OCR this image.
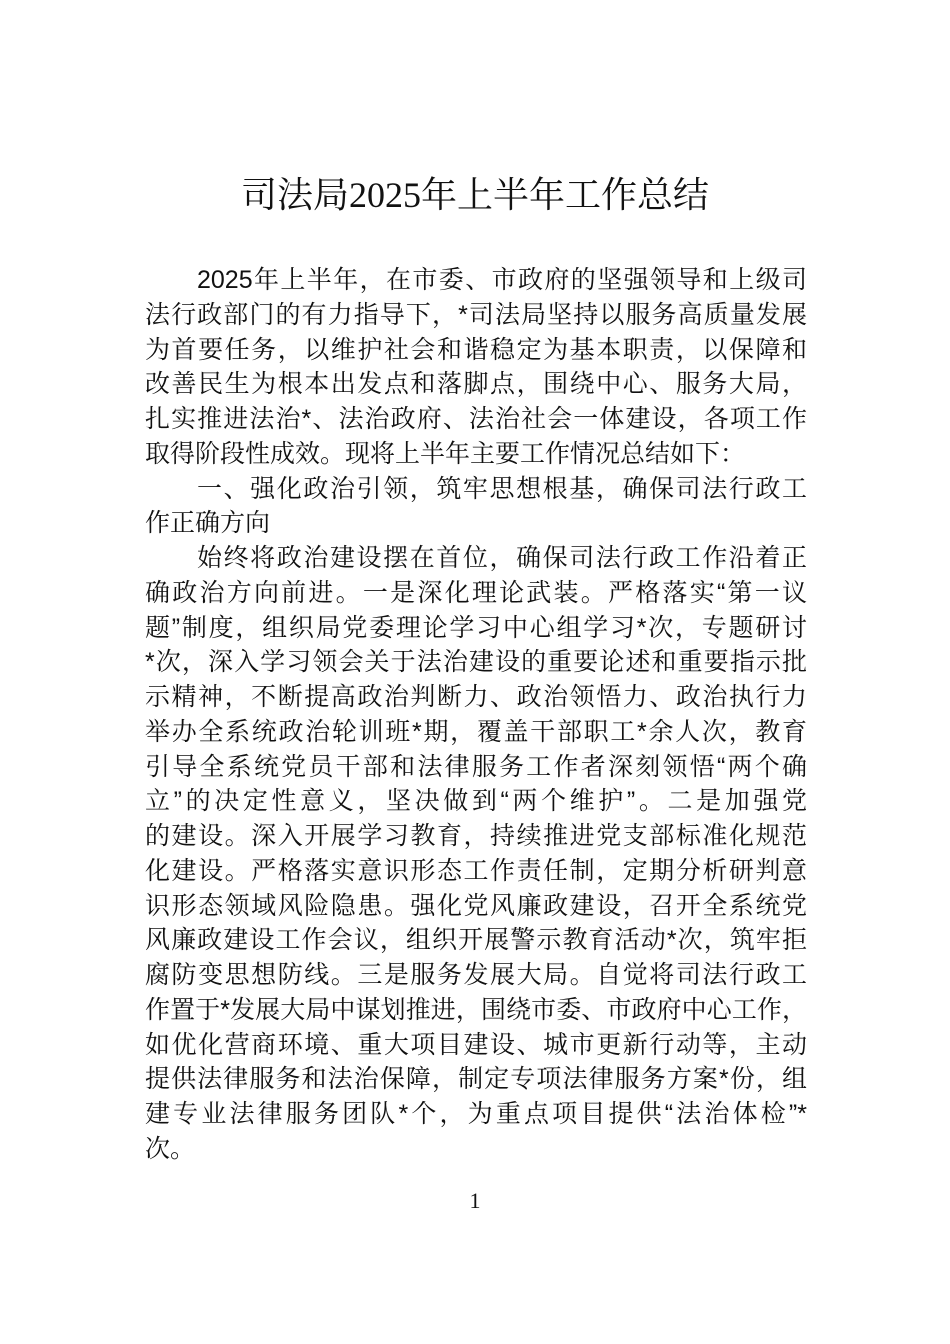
司法局2025年上半年工作总结
2025年上半年，在市委、市政府的坚强领导和上级司
法行政部门的有力指导下，*司法局坚持以服务高质量发展
为首要任务，以维护社会和谐稳定为基本职责，以保障和
改善民生为根本出发点和落脚点，围绕中心、服务大局，
扎实推进法治*、法治政府、法治社会一体建设，各项工作
取得阶段性成效。现将上半年主要工作情况总结如下：
一、强化政治引领，筑牢思想根基，确保司法行政工
作正确方向
始终将政治建设摆在首位，确保司法行政工作沿着正
确政治方向前进。一是深化理论武装。严格落实“第一议
题”制度，组织局党委理论学习中心组学习*次，专题研讨
*次，深入学习领会关于法治建设的重要论述和重要指示批
示精神，不断提高政治判断力、政治领悟力、政治执行力
举办全系统政治轮训班*期，覆盖干部职工*余人次，教育
引导全系统党员干部和法律服务工作者深刻领悟“两个确
立”的决定性意义，坚决做到“两个维护”。二是加强党
的建设。深入开展学习教育，持续推进党支部标准化规范
化建设。严格落实意识形态工作责任制，定期分析研判意
识形态领域风险隐患。强化党风廉政建设，召开全系统党
风廉政建设工作会议，组织开展警示教育活动*次，筑牢拒
腐防变思想防线。三是服务发展大局。自觉将司法行政工
作置于*发展大局中谋划推进，围绕市委、市政府中心工作，
如优化营商环境、重大项目建设、城市更新行动等，主动
提供法律服务和法治保障，制定专项法律服务方案*份，组
建专业法律服务团队*个，为重点项目提供“法治体检”*
次。
1
